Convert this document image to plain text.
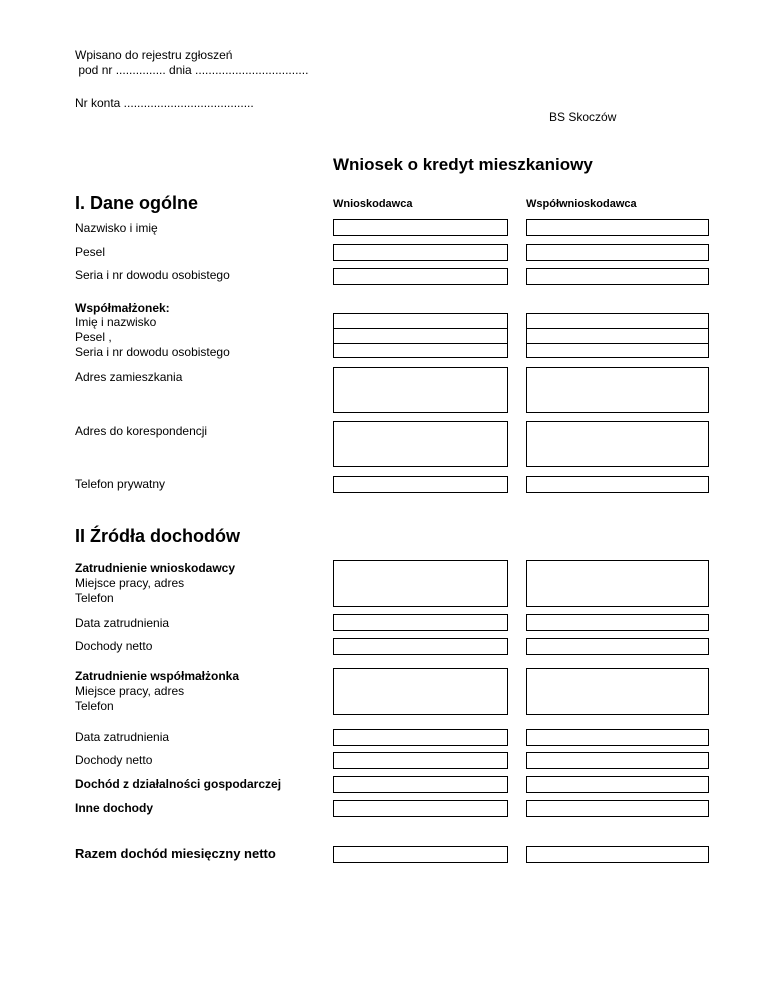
Wpisano do rejestru zgłoszeń
pod nr ............... dnia ..................................
Nr konta .......................................
BS Skoczów
Wniosek o kredyt mieszkaniowy
I. Dane ogólne	Wnioskodawca	Współwnioskodawca
Nazwisko i imię
Pesel
Seria i nr dowodu osobistego
Współmałżonek:
Imię i nazwisko
Pesel ,
Seria i nr dowodu osobistego
Adres zamieszkania
Adres do korespondencji
Telefon prywatny
II Źródła dochodów
Zatrudnienie wnioskodawcy
Miejsce pracy, adres
Telefon
Data zatrudnienia
Dochody netto
Zatrudnienie współmałżonka
Miejsce pracy, adres
Telefon
Data zatrudnienia
Dochody netto
Dochód z działalności gospodarczej
Inne dochody
Razem dochód miesięczny netto
